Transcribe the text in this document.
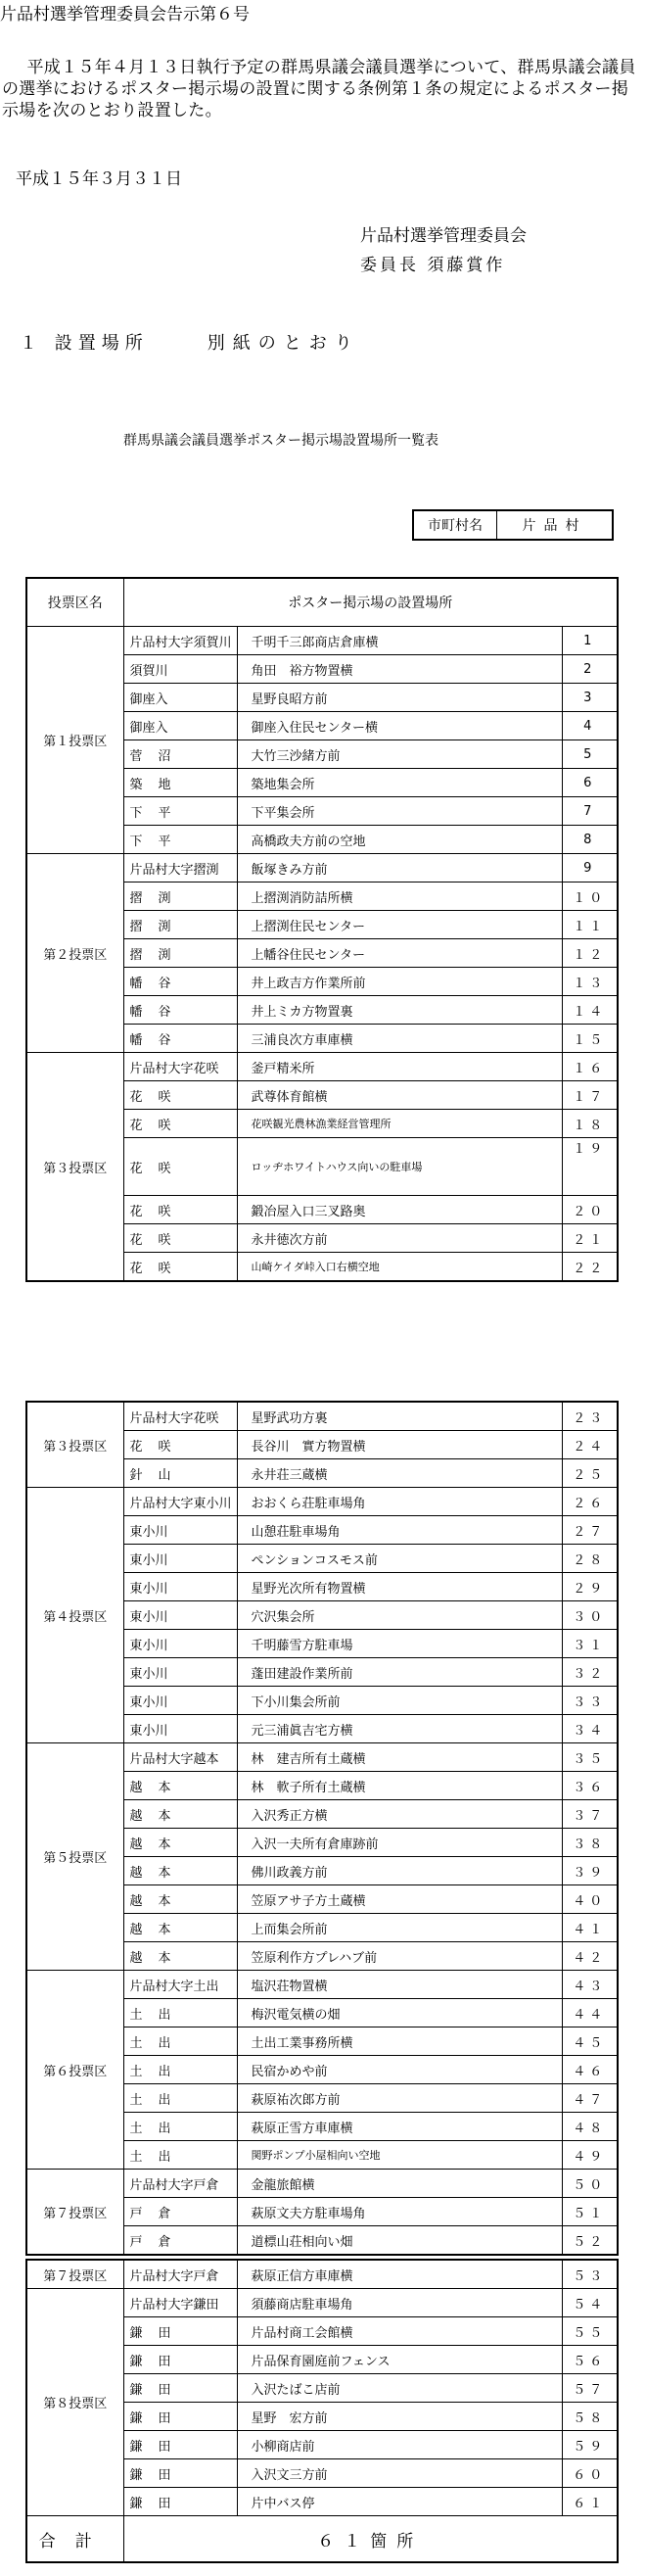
片品村選挙管理委員会告示第６号
平成１５年４月１３日執行予定の群馬県議会議員選挙について、群馬県議会議員の選挙におけるポスター掲示場の設置に関する条例第１条の規定によるポスター掲示場を次のとおり設置した。
平成１５年３月３１日
片品村選挙管理委員会
委員長 須藤賞作
１ 設置場所	別紙のとおり
群馬県議会議員選挙ポスター掲示場設置場所一覧表
市町村名	片品村
投票区名	ポスター掲示場の設置場所		
第１投票区	片品村大字須賀川	千明千三郎商店倉庫横	1
	須賀川	角田　裕方物置横	2
	御座入	星野良昭方前	3
	御座入	御座入住民センター横	4
	菅沼	大竹三沙緒方前	5
	築地	築地集会所	6
	下平	下平集会所	7
	下平	高橋政夫方前の空地	8
第２投票区	片品村大字摺渕	飯塚きみ方前	9
	摺渕	上摺渕消防詰所横	１０
	摺渕	上摺渕住民センター	１１
	摺渕	上幡谷住民センター	１２
	幡谷	井上政吉方作業所前	１３
	幡谷	井上ミカ方物置裏	１４
	幡谷	三浦良次方車庫横	１５
第３投票区	片品村大字花咲	釜戸精米所	１６
	花咲	武尊体育館横	１７
	花咲	花咲観光農林漁業経営管理所	１８
	花咲	ロッヂホワイトハウス向いの駐車場	１９
	花咲	鍛冶屋入口三叉路奥	２０
	花咲	永井徳次方前	２１
	花咲	山崎ケイダ峠入口右横空地	２２
第３投票区	片品村大字花咲	星野武功方裏	２３
	花咲	長谷川　實方物置横	２４
	針山	永井荘三蔵横	２５
第４投票区	片品村大字東小川	おおくら荘駐車場角	２６
	東小川	山憩荘駐車場角	２７
	東小川	ペンションコスモス前	２８
	東小川	星野光次所有物置横	２９
	東小川	穴沢集会所	３０
	東小川	千明藤雪方駐車場	３１
	東小川	蓬田建設作業所前	３２
	東小川	下小川集会所前	３３
	東小川	元三浦眞吉宅方横	３４
第５投票区	片品村大字越本	林　建吉所有土蔵横	３５
	越本	林　軟子所有土蔵横	３６
	越本	入沢秀正方横	３７
	越本	入沢一夫所有倉庫跡前	３８
	越本	佛川政義方前	３９
	越本	笠原アサ子方土蔵横	４０
	越本	上而集会所前	４１
	越本	笠原利作方プレハブ前	４２
第６投票区	片品村大字土出	塩沢荘物置横	４３
	土出	梅沢電気横の畑	４４
	土出	土出工業事務所横	４５
	土出	民宿かめや前	４６
	土出	萩原祐次郎方前	４７
	土出	萩原正雪方車庫横	４８
	土出	関野ポンプ小屋相向い空地	４９
第７投票区	片品村大字戸倉	金龍旅館横	５０
	戸倉	萩原文夫方駐車場角	５１
	戸倉	道標山荘相向い畑	５２
第７投票区	片品村大字戸倉	萩原正信方車庫横	５３
第８投票区	片品村大字鎌田	須藤商店駐車場角	５４
	鎌田	片品村商工会館横	５５
	鎌田	片品保育園庭前フェンス	５６
	鎌田	入沢たばこ店前	５７
	鎌田	星野　宏方前	５８
	鎌田	小柳商店前	５９
	鎌田	入沢文三方前	６０
	鎌田	片中バス停	６１
合計	６１箇所		
